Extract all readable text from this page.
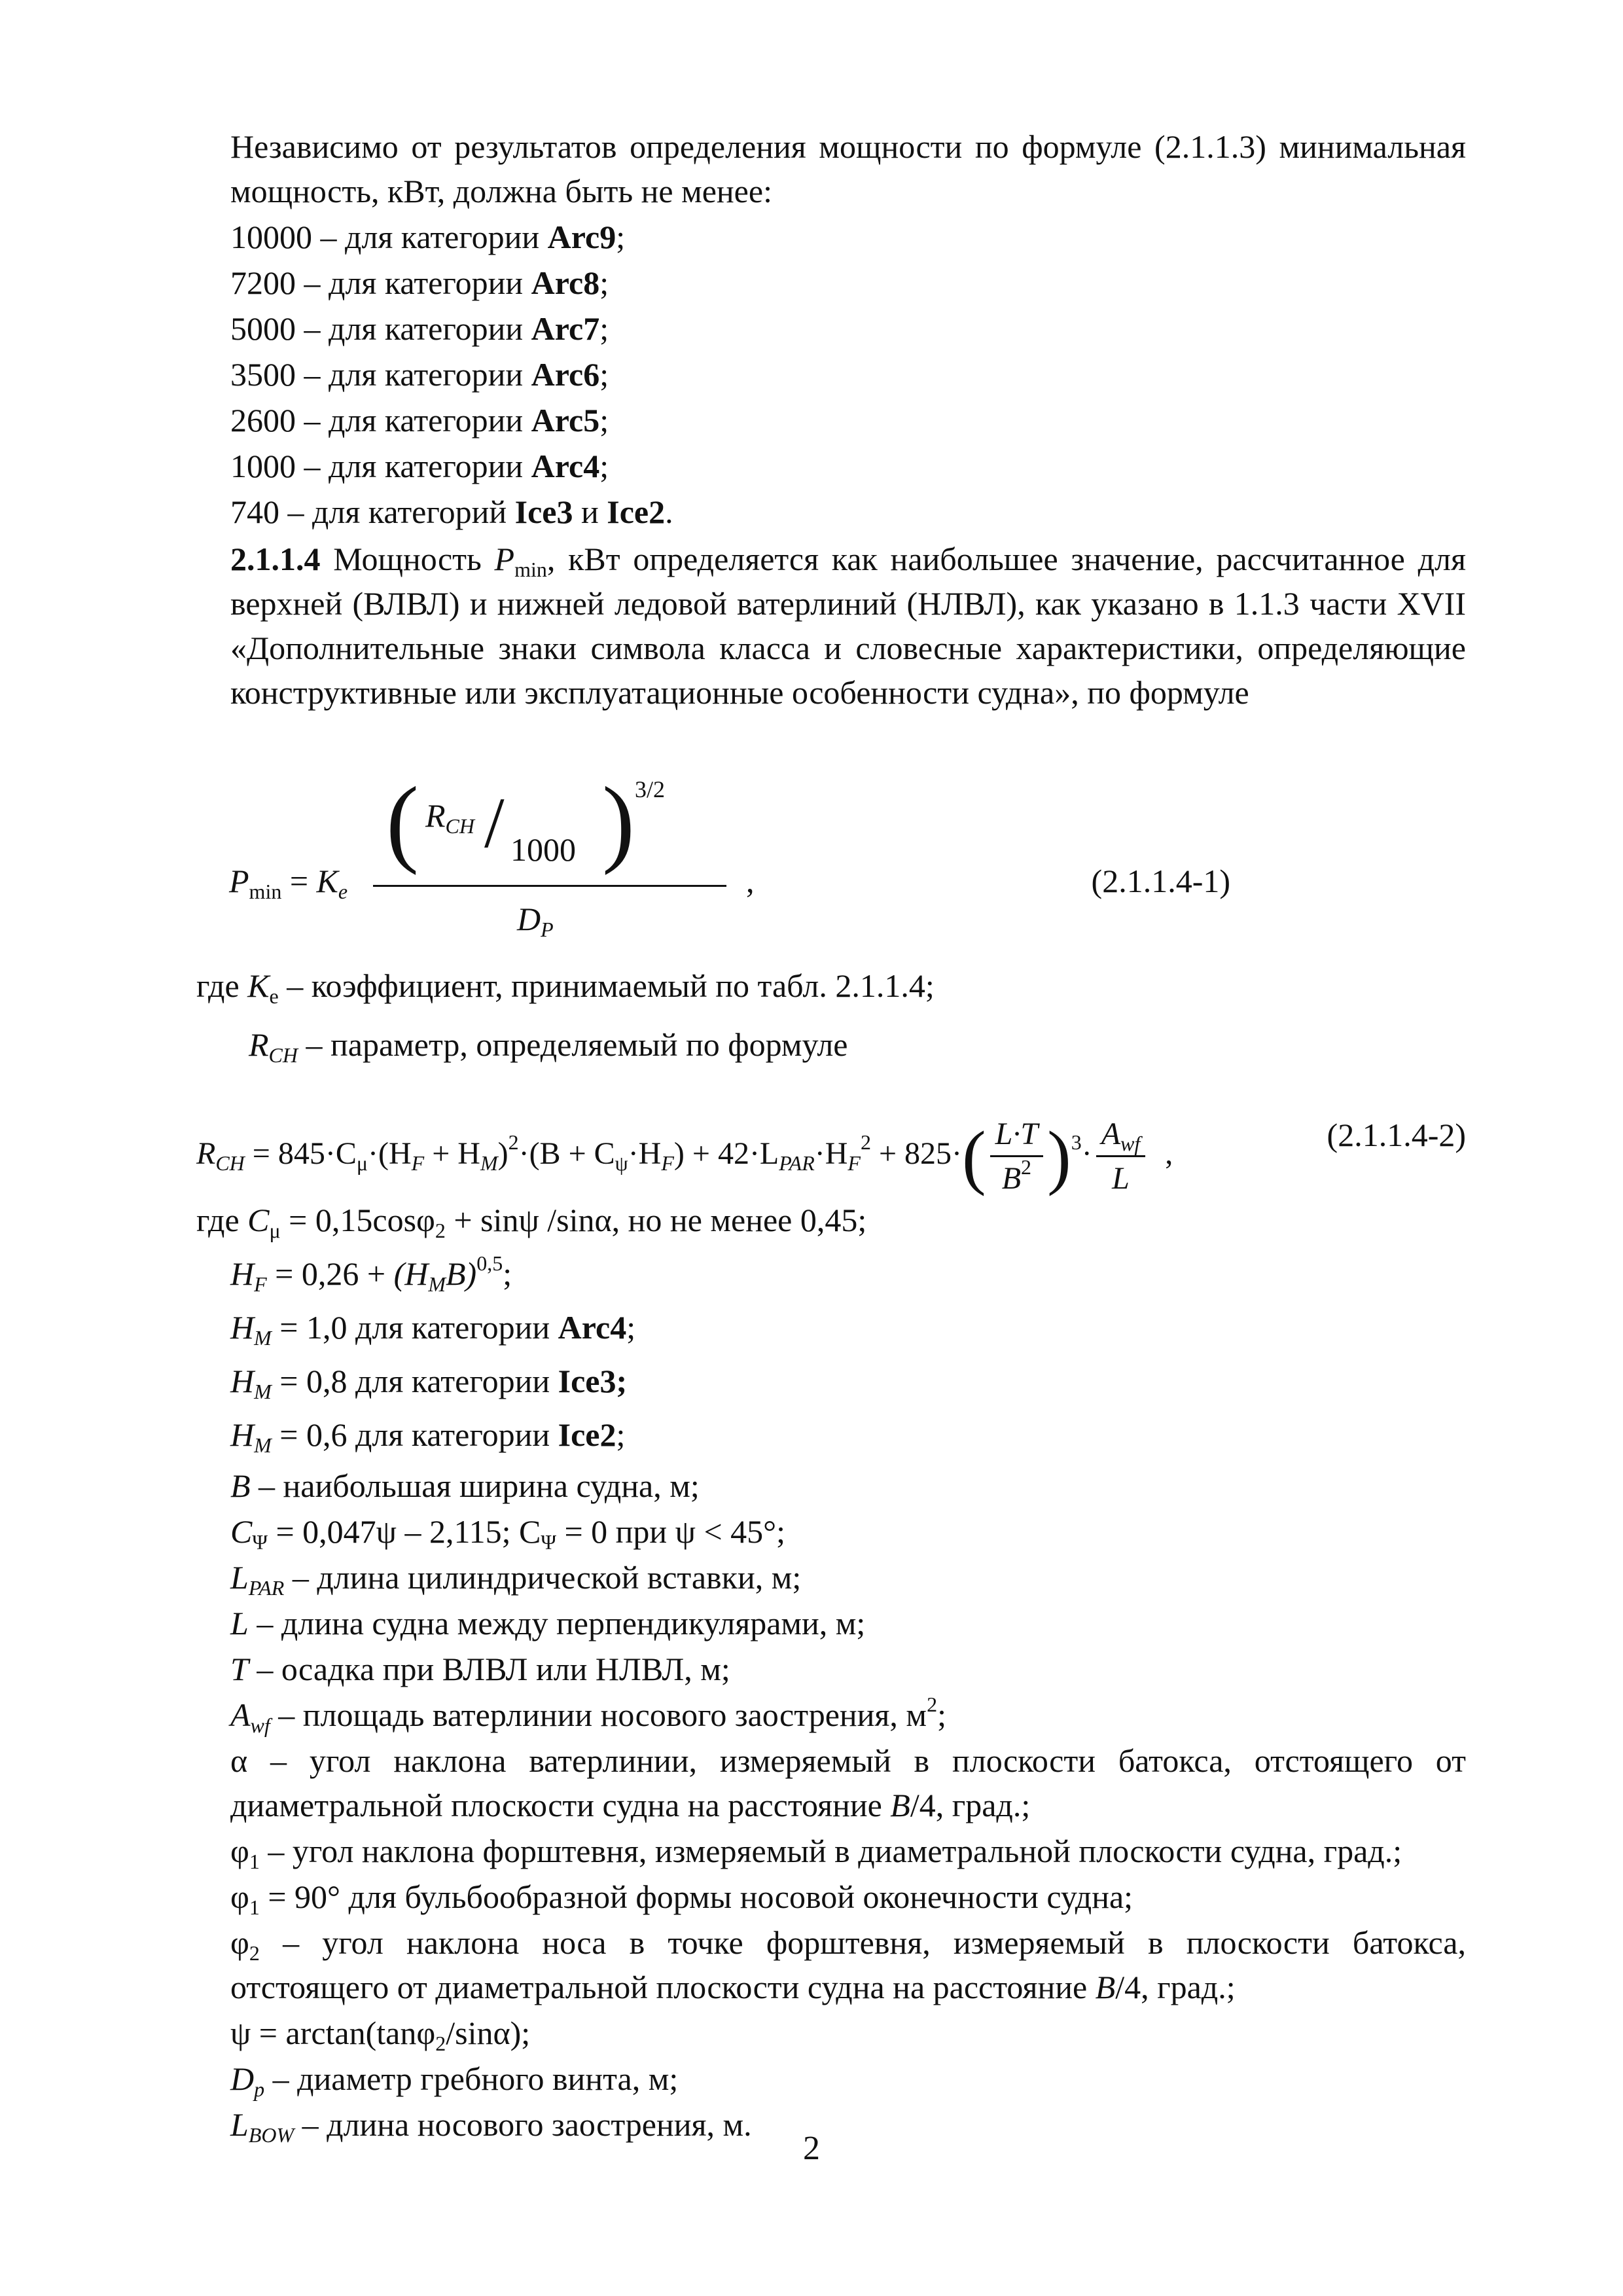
Независимо от результатов определения мощности по формуле (2.1.1.3) минимальная мощность, кВт, должна быть не менее:

10000 – для категории Arc9;

7200 – для категории Arc8;

5000 – для категории Arc7;

3500 – для категории Arc6;

2600 – для категории Arc5;

1000 – для категории Arc4;

740 – для категорий Ice3 и Ice2.

2.1.1.4 Мощность $P_{min}$, кВт определяется как наибольшее значение, рассчитанное для верхней (ВЛВЛ) и нижней ледовой ватерлиний (НЛВЛ), как указано в 1.1.3 части XVII «Дополнительные знаки символа класса и словесные характеристики, определяющие конструктивные или эксплуатационные особенности судна», по формуле

$P_{min} = K_e$
( $R_{CH} / 1000$ ) 3/2
$D_P$
,	(2.1.1.4-1)

где $K_e$ – коэффициент, принимаемый по табл. 2.1.1.4;

$R_{CH}$ – параметр, определяемый по формуле

$R_{CH} = 845\cdot C_\mu\cdot(H_F + H_M)^2\cdot(B + C_\psi\cdot H_F) + 42\cdot L_{PAR}\cdot H_F^2 + 825\cdot( \frac{L\cdot T}{B^2} )^3\cdot$
$A_{wf}$
L
,
(2.1.1.4-2)

где $C_\mu = 0,15\cos\varphi_2 + \sin\psi$ /sinα, но не менее 0,45;

$H_F = 0,26 + (H_MB)^{0,5}$;

$H_M = 1,0$ для категории Arc4;

$H_M = 0,8$ для категории Ice3;

$H_M = 0,6$ для категории Ice2;

B – наибольшая ширина судна, м;

$C_\Psi = 0,047\psi - 2,115$; $C_\Psi = 0$ при ψ < 45°;

$L_{PAR}$ – длина цилиндрической вставки, м;

L – длина судна между перпендикулярами, м;

T – осадка при ВЛВЛ или НЛВЛ, м;

$A_{wf}$ – площадь ватерлинии носового заострения, $м^2$;

α – угол наклона ватерлинии, измеряемый в плоскости батокса, отстоящего от диаметральной плоскости судна на расстояние B/4, град.;

$\varphi_1$ – угол наклона форштевня, измеряемый в диаметральной плоскости судна, град.;

$\varphi_1 = 90^\circ$ для бульбообразной формы носовой оконечности судна;

$\varphi_2$ – угол наклона носа в точке форштевня, измеряемый в плоскости батокса, отстоящего от диаметральной плоскости судна на расстояние B/4, град.;

ψ = arctan(tanφ$_2$/sinα);

$D_p$ – диаметр гребного винта, м;

$L_{BOW}$ – длина носового заострения, м.

2
